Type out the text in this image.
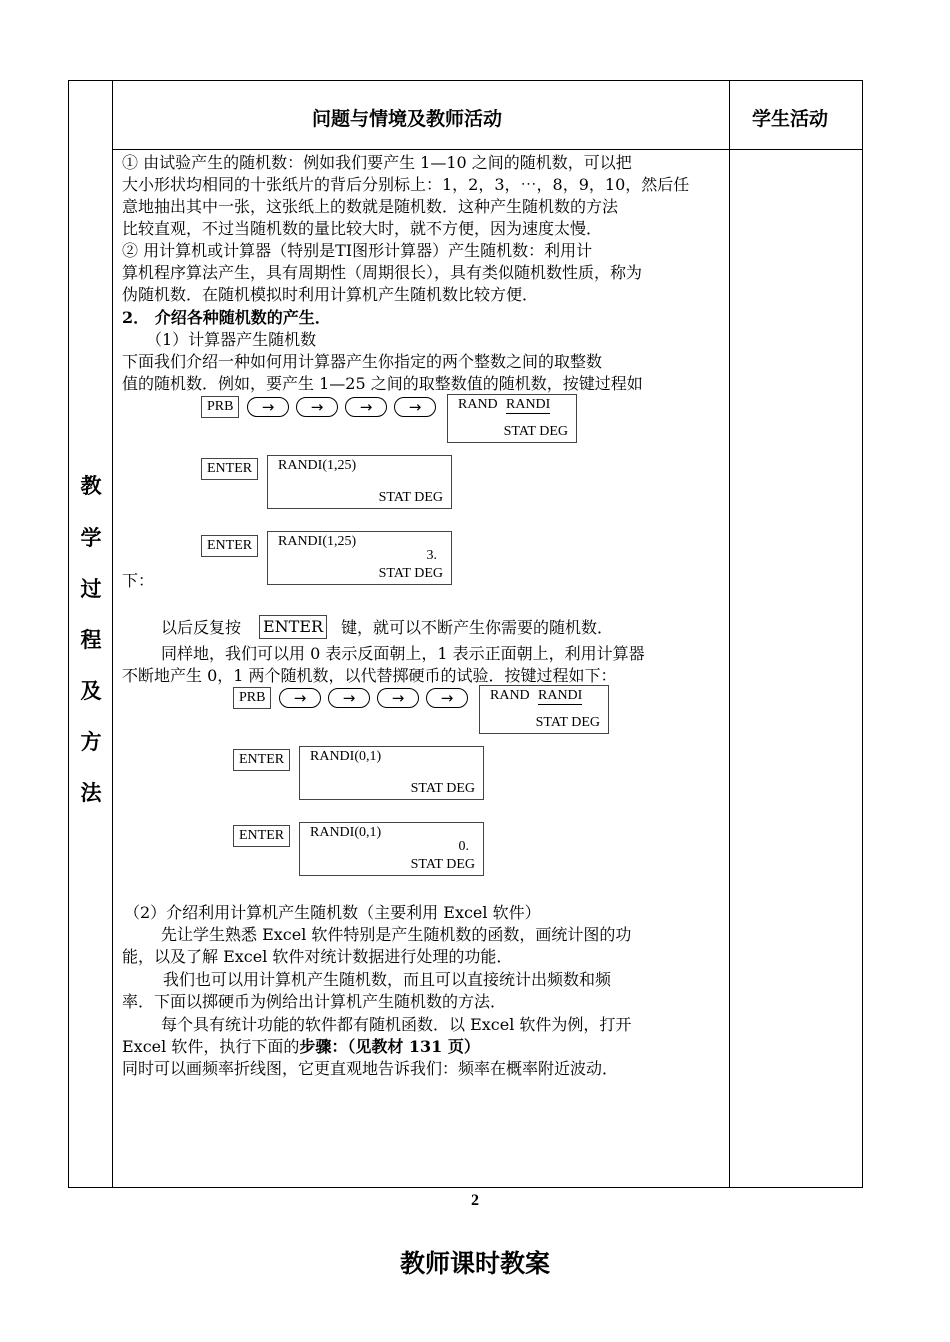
问题与情境及教师活动	学生活动
教
学
过
程
及
方
法
① 由试验产生的随机数：例如我们要产生 1—10 之间的随机数，可以把
大小形状均相同的十张纸片的背后分别标上：1，2，3，⋯，8，9，10，然后任
意地抽出其中一张，这张纸上的数就是随机数．这种产生随机数的方法
比较直观，不过当随机数的量比较大时，就不方便，因为速度太慢．
② 用计算机或计算器（特别是TI图形计算器）产生随机数：利用计
算机程序算法产生，具有周期性（周期很长），具有类似随机数性质，称为
伪随机数．在随机模拟时利用计算机产生随机数比较方便．
2． 介绍各种随机数的产生．
（1）计算器产生随机数
下面我们介绍一种如何用计算器产生你指定的两个整数之间的取整数
值的随机数．例如，要产生 1—25 之间的取整数值的随机数，按键过程如
PRB	→	→	→	→	RAND RANDI
STAT DEG
ENTER	RANDI(1,25)
STAT DEG
ENTER	RANDI(1,25)
3.
STAT DEG
下：
以后反复按 ENTER 键，就可以不断产生你需要的随机数．
同样地，我们可以用 0 表示反面朝上，1 表示正面朝上，利用计算器
不断地产生 0，1 两个随机数，以代替掷硬币的试验．按键过程如下：
PRB	→	→	→	→	RAND RANDI
STAT DEG
ENTER	RANDI(0,1)
STAT DEG
ENTER	RANDI(0,1)
0.
STAT DEG
（2）介绍利用计算机产生随机数（主要利用 Excel 软件）
先让学生熟悉 Excel 软件特别是产生随机数的函数，画统计图的功
能，以及了解 Excel 软件对统计数据进行处理的功能．
我们也可以用计算机产生随机数，而且可以直接统计出频数和频
率．下面以掷硬币为例给出计算机产生随机数的方法．
每个具有统计功能的软件都有随机函数．以 Excel 软件为例，打开
Excel 软件，执行下面的步骤：（见教材 131 页）
同时可以画频率折线图，它更直观地告诉我们：频率在概率附近波动．
2
教师课时教案
